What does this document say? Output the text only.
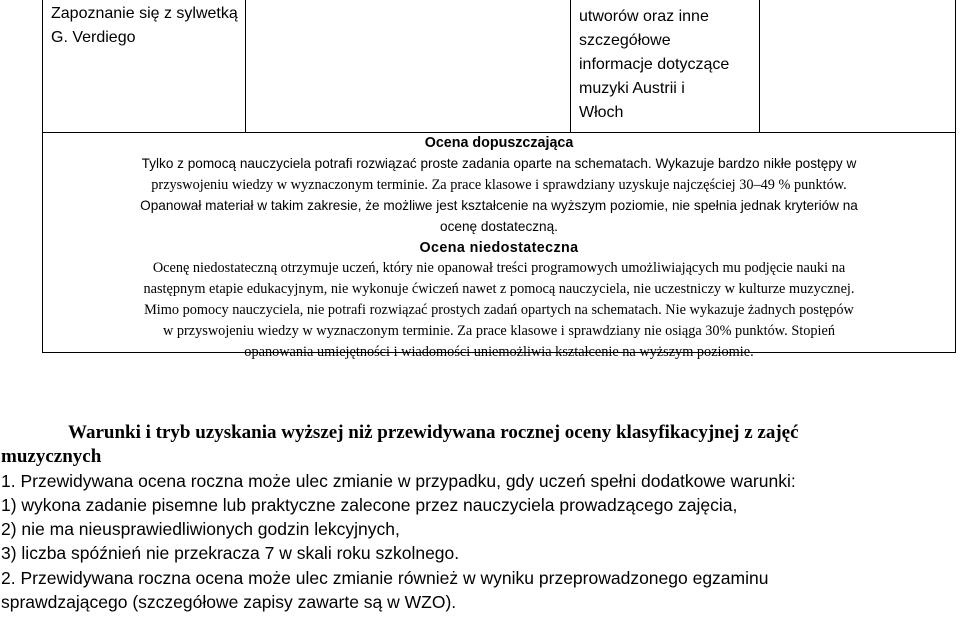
Zapoznanie się z sylwetką

G. Verdiego

utworów oraz inne
szczegółowe
informacje dotyczące
muzyki Austrii i
Włoch
Ocena dopuszczająca
Tylko z pomocą nauczyciela potrafi rozwiązać proste zadania oparte na schematach. Wykazuje bardzo nikłe postępy w
przyswojeniu wiedzy w wyznaczonym terminie. Za prace klasowe i sprawdziany uzyskuje najczęściej 30–49 % punktów.
Opanował materiał w takim zakresie, że możliwe jest kształcenie na wyższym poziomie, nie spełnia jednak kryteriów na
ocenę dostateczną.
Ocena niedostateczna
Ocenę niedostateczną otrzymuje uczeń, który nie opanował treści programowych umożliwiających mu podjęcie nauki na
następnym etapie edukacyjnym, nie wykonuje ćwiczeń nawet z pomocą nauczyciela, nie uczestniczy w kulturze muzycznej.
Mimo pomocy nauczyciela, nie potrafi rozwiązać prostych zadań opartych na schematach. Nie wykazuje żadnych postępów
w przyswojeniu wiedzy w wyznaczonym terminie. Za prace klasowe i sprawdziany nie osiąga 30% punktów. Stopień
opanowania umiejętności i wiadomości uniemożliwia kształcenie na wyższym poziomie.
Warunki i tryb uzyskania wyższej niż przewidywana rocznej oceny klasyfikacyjnej z zajęć
muzycznych
1. Przewidywana ocena roczna może ulec zmianie w przypadku, gdy uczeń spełni dodatkowe warunki:
1) wykona zadanie pisemne lub praktyczne zalecone przez nauczyciela prowadzącego zajęcia,
2) nie ma nieusprawiedliwionych godzin lekcyjnych,
3) liczba spóźnień nie przekracza 7 w skali roku szkolnego.
2. Przewidywana roczna ocena może ulec zmianie również w wyniku przeprowadzonego egzaminu
sprawdzającego (szczegółowe zapisy zawarte są w WZO).
